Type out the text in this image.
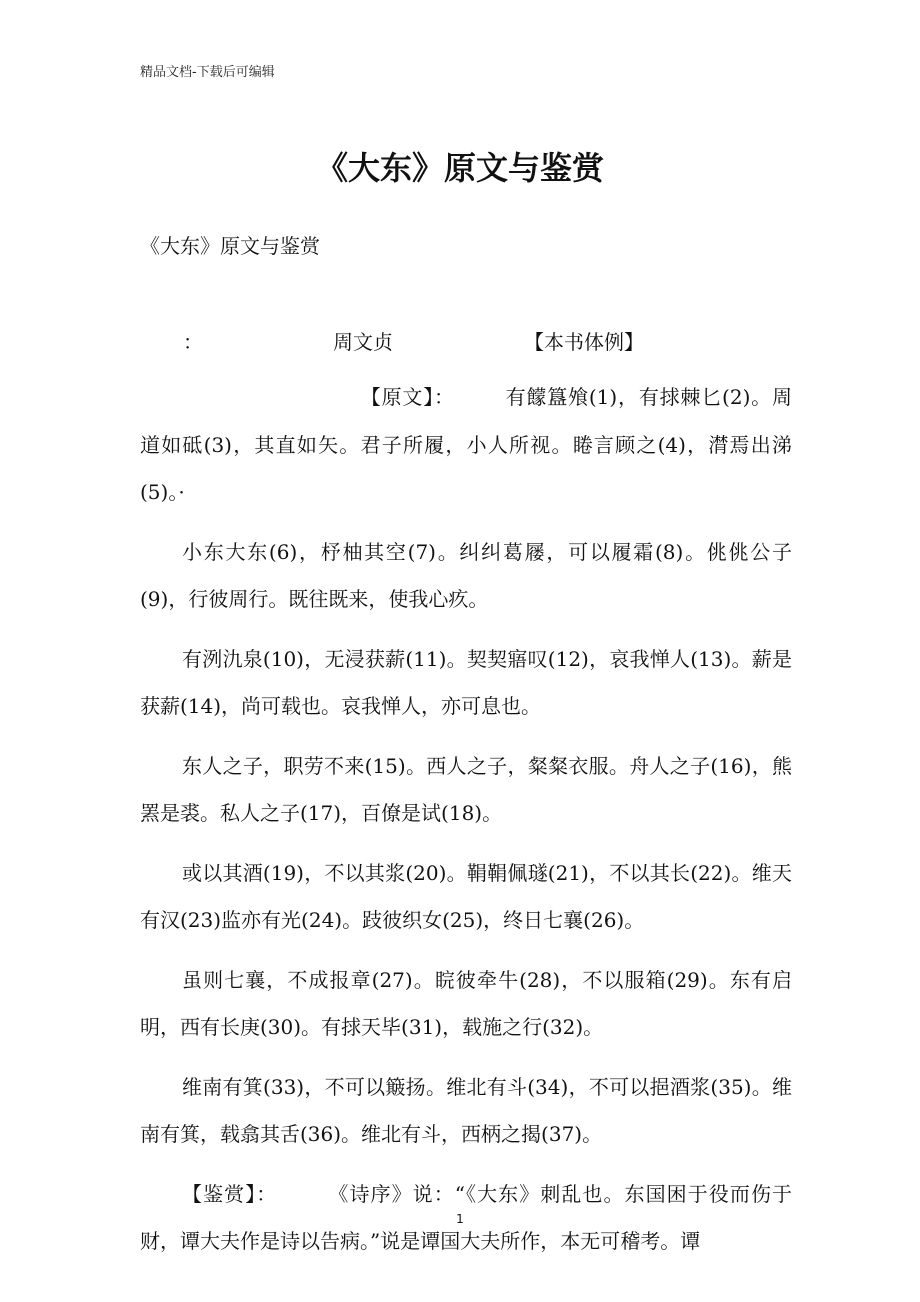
精品文档-下载后可编辑
《大东》原文与鉴赏
《大东》原文与鉴赏
：	周文贞	【本书体例】

【原文】：	有饛簋飧(1)，有捄棘匕(2)。周道如砥(3)，其直如矢。君子所履，小人所视。睠言顾之(4)，潸焉出涕(5)。·

小东大东(6)，杼柚其空(7)。纠纠葛屦，可以履霜(8)。佻佻公子(9)，行彼周行。既往既来，使我心疚。

有洌氿泉(10)，无浸获薪(11)。契契寤叹(12)，哀我惮人(13)。薪是获薪(14)，尚可载也。哀我惮人，亦可息也。

东人之子，职劳不来(15)。西人之子，粲粲衣服。舟人之子(16)，熊罴是裘。私人之子(17)，百僚是试(18)。

或以其酒(19)，不以其浆(20)。鞙鞙佩璲(21)，不以其长(22)。维天有汉(23)监亦有光(24)。跂彼织女(25)，终日七襄(26)。

虽则七襄，不成报章(27)。睆彼牵牛(28)，不以服箱(29)。东有启明，西有长庚(30)。有捄天毕(31)，载施之行(32)。

维南有箕(33)，不可以簸扬。维北有斗(34)，不可以挹酒浆(35)。维南有箕，载翕其舌(36)。维北有斗，西柄之揭(37)。

【鉴赏】：	《诗序》说：“《大东》刺乱也。东国困于役而伤于财，谭大夫作是诗以告病。”说是谭国大夫所作，本无可稽考。谭

1
